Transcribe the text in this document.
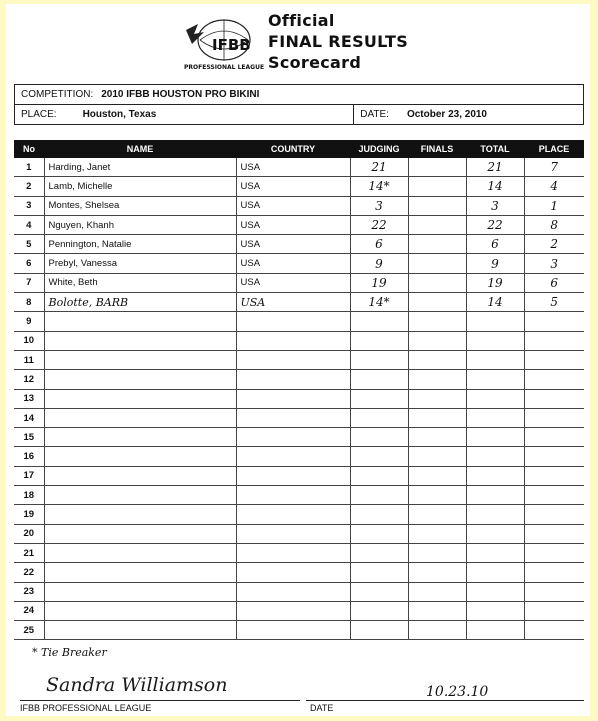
IFBB
PROFESSIONAL LEAGUE
Official
FINAL RESULTS
Scorecard
COMPETITION: 2010 IFBB HOUSTON PRO BIKINI
PLACE:	Houston, Texas	DATE:	October 23, 2010
No	NAME	COUNTRY	JUDGING	FINALS	TOTAL	PLACE
1	Harding, Janet	USA	21		21	7
2	Lamb, Michelle	USA	14*		14	4
3	Montes, Shelsea	USA	3		3	1
4	Nguyen, Khanh	USA	22		22	8
5	Pennington, Natalie	USA	6		6	2
6	Prebyl, Vanessa	USA	9		9	3
7	White, Beth	USA	19		19	6
8	Bolotte, BARB	USA	14*		14	5
9						
10						
11						
12						
13						
14						
15						
16						
17						
18						
19						
20						
21						
22						
23						
24						
25						
* Tie Breaker
Sandra Williamson
IFBB PROFESSIONAL LEAGUE
10.23.10
DATE
